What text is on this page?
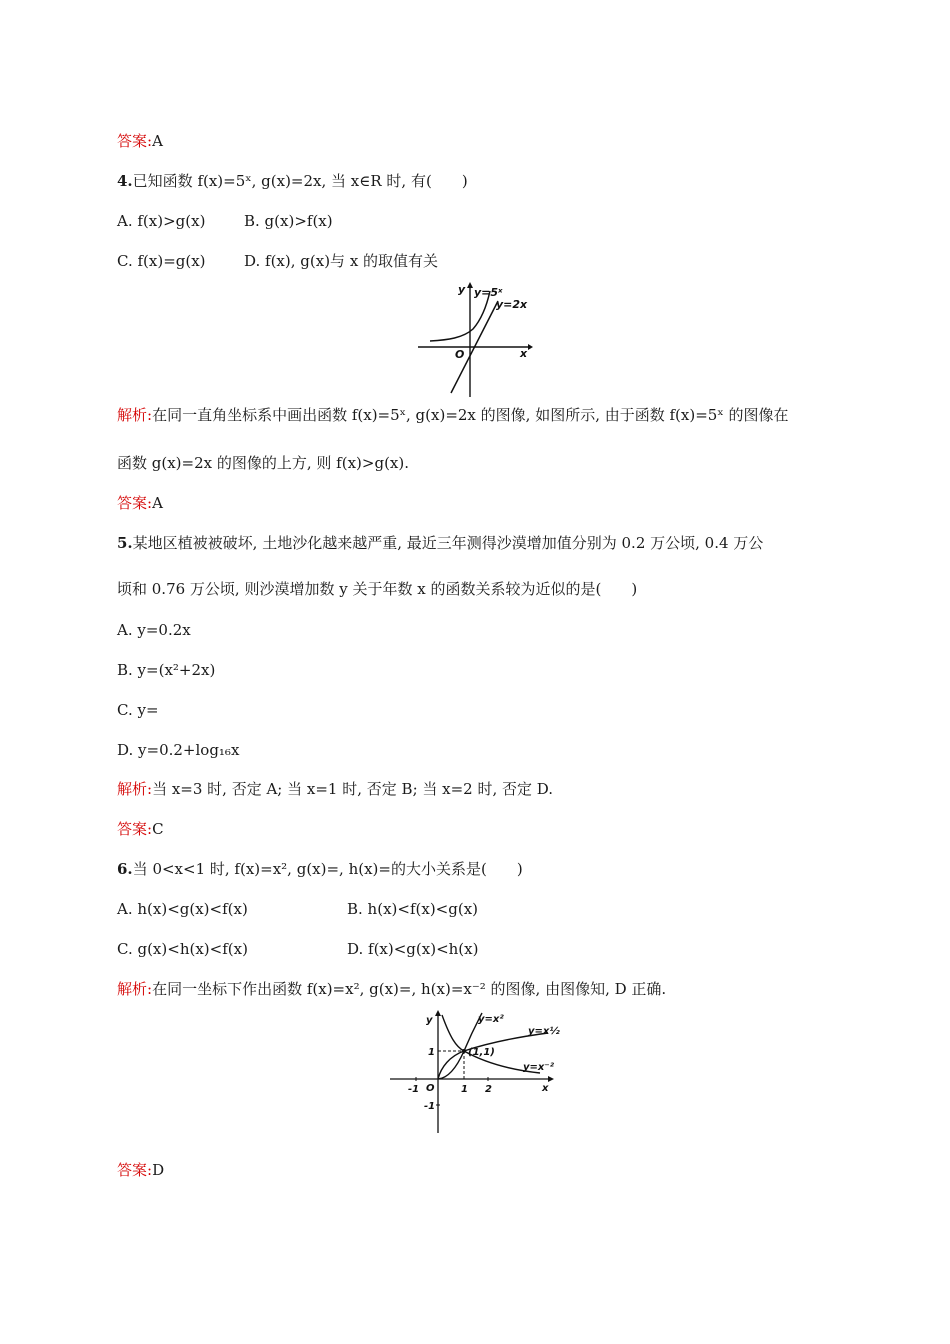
答案:A
4.已知函数 f(x)=5ˣ, g(x)=2x, 当 x∈R 时, 有(　　)
A. f(x)>g(x)	B. g(x)>f(x)
C. f(x)=g(x)	D. f(x), g(x)与 x 的取值有关
y=5ˣ
y=2x
x
y
O
解析:在同一直角坐标系中画出函数 f(x)=5ˣ, g(x)=2x 的图像, 如图所示, 由于函数 f(x)=5ˣ 的图像在
函数 g(x)=2x 的图像的上方, 则 f(x)>g(x).
答案:A
5.某地区植被被破坏, 土地沙化越来越严重, 最近三年测得沙漠增加值分别为 0.2 万公顷, 0.4 万公
顷和 0.76 万公顷, 则沙漠增加数 y 关于年数 x 的函数关系较为近似的是(　　)
A. y=0.2x
B. y=(x²+2x)
C. y=
D. y=0.2+log₁₆x
解析:当 x=3 时, 否定 A; 当 x=1 时, 否定 B; 当 x=2 时, 否定 D.
答案:C
6.当 0<x<1 时, f(x)=x², g(x)=, h(x)=的大小关系是(　　)
A. h(x)<g(x)<f(x)	B. h(x)<f(x)<g(x)
C. g(x)<h(x)<f(x)	D. f(x)<g(x)<h(x)
解析:在同一坐标下作出函数 f(x)=x², g(x)=, h(x)=x⁻² 的图像, 由图像知, D 正确.
y=x²
y=x½
y=x⁻²
(1,1)
-1	1 2
1
-1
x
y
O
答案:D
